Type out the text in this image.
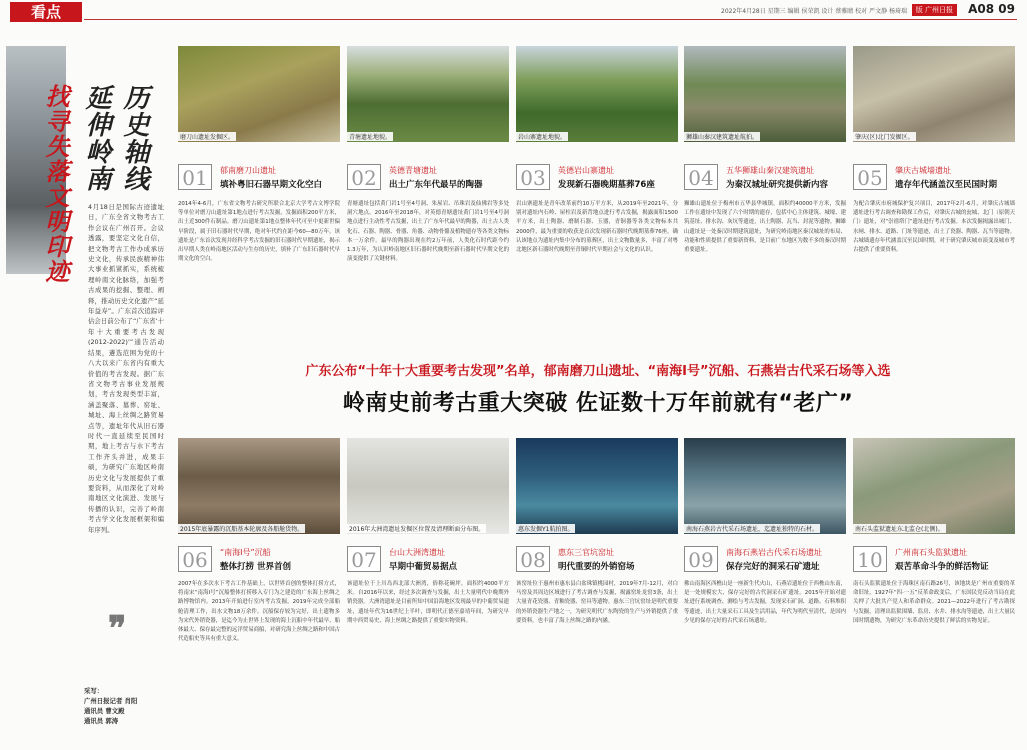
看点	2022年4月28日 星期三 编辑 侯荣凯 设计 蔡雅睛 校对 严文静 杨琦瑞	版 广州日报	A08 09
找寻失落文明印迹 延伸岭南 历史轴线
4月18日是国际古迹遗址日，广东全省文物考古工作会议在广州召开。会议透露，要坚定文化自信，把文物考古工作办成承历史文化，传承民族精神伟大事业抓紧抓实，系统梳理岭南文化脉络，加强考古成果的挖掘、整理、阐释，推动历史文化遗产“延年益寿”。广东首次追踪评估会日前公布了“广东省‘十年十大重要考古发现(2012-2022)’”通告活动结果，遴选范围为党的十八大以来广东省内有重大价值的考古发现。据广东省文物考古事业发展规划，考古发现类型丰富，涵盖聚落、墓葬、窑址、城址、海上丝绸之路贸易点等，遗址年代从旧石器时代一直延续至民国时期，地上考古与水下考古工作齐头并进，成果丰硕，为研究广东地区岭南历史文化与发展提供了重要资料，从而深化了对岭南地区文化演进、发展与传播的认识，完善了岭南考古学文化发展框架和编年序列。
❞
采写：
广州日报记者 肖阳
通讯员 曹文殿
通讯员 郭涛
广东公布“十年十大重要考古发现”名单，郁南磨刀山遗址、“南海Ⅰ号”沉船、石燕岩古代采石场等入选
岭南史前考古重大突破 佐证数十万年前就有“老广”
磨刀山遗址发掘区。
01	郁南磨刀山遗址
填补粤旧石器早期文化空白
2014年4-6月，广东省文物考古研究所联合北京大学考古文博学院等单位对磨刀山遗址第1地点进行考古发掘，发掘面积200平方米，出土近300件石制品。磨刀山遗址第1地点整体年代可至中更新世偏早阶段，属于旧石器时代早期，绝对年代约在距今60—80万年。该遗址是广东首次发现并经科学考古发掘的旧石器时代早期遗址，揭示出早期人类在岭南地区活动与生存的历史，填补了广东旧石器时代早期文化的空白。
青塘遗址地貌。
02	英德青塘遗址
出土广东年代最早的陶器
青塘遗址包括黄门岩1号至4号洞、朱屋岩、吊珠岩及仙佛岩等多处洞穴地点。2016年至2018年，对英德青塘遗址黄门岩1号至4号洞地点进行主动性考古发掘，出土了广东年代最早的陶器，出土古人类化石、石器、陶器、骨器、角器、动物骨骼及植物遗存等各类文物标本一万余件。最早的陶器出现在约2万年前，人类化石时代距今约1.3万年，为认识岭南地区旧石器时代晚期至新石器时代早期文化的演变提供了关键材料。
岩山寨遗址地貌。
03	英德岩山寨遗址
发现新石器晚期墓葬76座
岩山寨遗址是青年改革前约10万平方米，从2019年至2021年，分别对遗址内石岭、屋柱岩及新背地点进行考古发掘，揭露面积1500平方米，出土陶器、磨制石器、玉器，青铜器等各类文物标本共2000件，最为重要的收获是首次发现新石器时代晚期墓葬76座，确认该地点为遗址内集中分布的墓葬区，出土文物数量多，丰富了对粤北地区新石器时代晚期至青铜时代早期社会与文化的认识。
狮雄山秦汉建筑遗址航拍。
04	五华狮雄山秦汉建筑遗址
为秦汉城址研究提供新内容
狮雄山遗址位于梅州市五华县华城镇，面积约40000平方米，发掘工作在遗址中发现了六个时期的遗存，包括中心主体建筑、城壕、建筑基址、排水沟、灰坑等遗迹，出土陶器、瓦当、封泥等遗物。狮雄山遗址是一处秦汉时期建筑遗址，为研究岭南地区秦汉城址的布局、功能和性质提供了重要新资料，是目前广东地区为数不多的秦汉时期重要遗址。
肇庆(区)北门发掘区。
05	肇庆古城墙遗址
遗存年代涵盖汉至民国时期
为配合肇庆市府城保护复兴项目，2017年2月-6月，对肇庆古城墙遗址进行考古调查和勘探工作后，对肇庆古城的瓮城、北门（原朝天门）遗址，对“崇禧塔门”遗址进行考古发掘。本次发掘揭露出城门、水闸、排水、道路、门址等遗迹，出土了瓷器、陶器、瓦当等遗物。古城墙遗存年代涵盖汉至民国时期，对于研究肇庆城市演变及城市考古提供了重要资料。
2015年底暴露的沉船基本轮廓及各船舱货物。
06	“南海Ⅰ号”沉船
整体打捞 世界首创
2007年在多次水下考古工作基础上，以世界首创的整体打捞方式，将南宋“南海Ⅰ号”沉船整体打捞移入专门为之建造的广东海上丝绸之路博物馆内。2013年开始进行室内考古发掘，2019年完成全部船舱清理工作，出水文物18万余件。沉船保存较为完好，出土遗物多为宋代外销瓷器，是迄今为止世界上发现的海上沉船中年代最早、船体最大、保存最完整的远洋贸易商船，对研究海上丝绸之路和中国古代造船史等具有重大意义。
2016年大洲湾遗址发掘区位置及清理断面分布图。
07	台山大洲湾遗址
早期中葡贸易据点
该遗址位于上川岛西北部大洲湾，俗称花碗坪，面积约4000平方米。自2016年以来，经过多次调查与发掘，出土大量明代中晚期外销瓷器。大洲湾遗址是目前所知中国沿海地区发现最早的中葡贸易遗址，遗址年代为16世纪上半叶，即明代正德至嘉靖年间，为研究早期中西贸易史、海上丝绸之路提供了重要实物资料。
惠东发掘Y1航拍图。
08	惠东三官坑窑址
明代重要的外销窑场
该窑址位于惠州市惠东县白盆珠镇桃园村，2019年7月-12月，对白马窑及其周边区域进行了考古调查与发掘，揭露窑址龙窑3条，出土大量青花瓷器、青釉瓷器、窑具等遗物。惠东三官坑窑址是明代重要的外销瓷器生产地之一，为研究明代广东陶瓷的生产与外销提供了重要资料，也丰富了海上丝绸之路的内涵。
南海石燕岩古代采石场遗址，迄遗址独特的石材。
09	南海石燕岩古代采石场遗址
保存完好的洞采石矿遗址
佛山南海区西樵山是一座新生代火山，石燕岩遗址位于西樵山东南，是一处规模宏大、保存完好的古代洞采石矿遗址。2015年开始对遗址进行系统调查、测绘与考古发掘，发现采石矿洞、道路、石料堆积等遗迹，出土大量采石工具及生活用品，年代为明代至清代，是国内少见的保存完好的古代采石场遗址。
南石头监狱遗址东北监仓(北侧)。
10	广州南石头监狱遗址
艰苦革命斗争的鲜活物证
南石头监狱遗址位于海珠区南石路26号，该地块是广州市重要的革命旧址。1927年“四·一五”反革命政变后，广东国民党反动当局在此关押了大批共产党人和革命群众。2021—2022年进行了考古勘探与发掘，清理出监狱围墙、监房、水井、排水沟等遗迹，出土大量民国时期遗物，为研究广东革命历史提供了鲜活的实物见证。
